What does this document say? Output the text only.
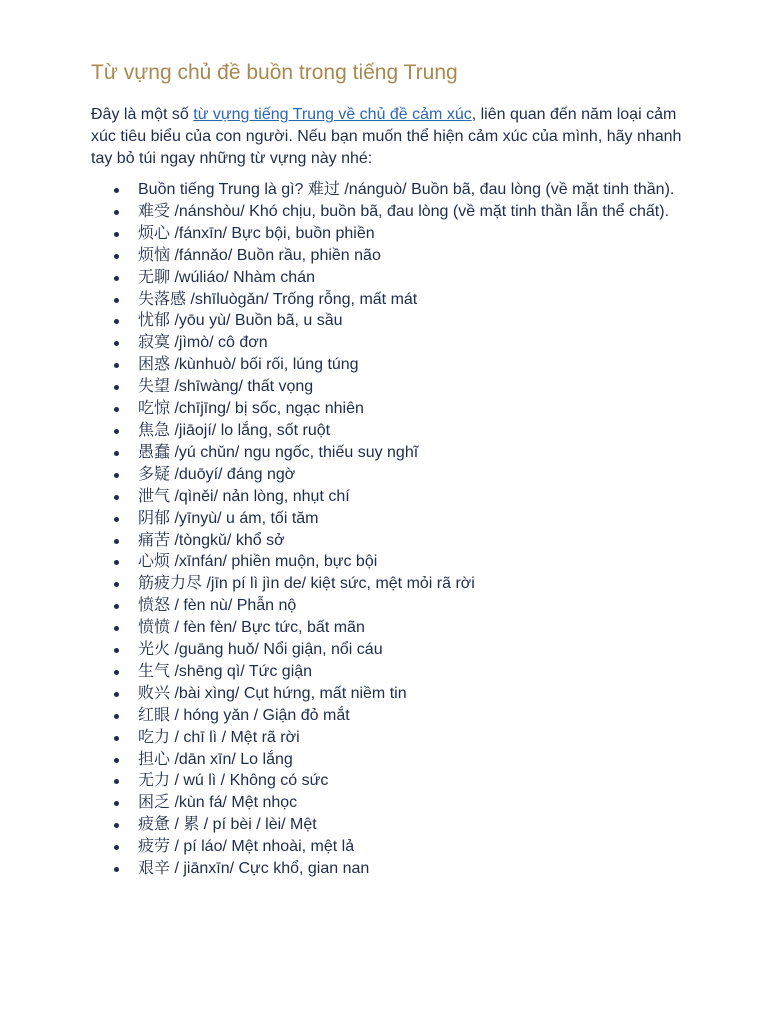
Từ vựng chủ đề buồn trong tiếng Trung

Đây là một số từ vựng tiếng Trung về chủ đề cảm xúc, liên quan đến năm loại cảm xúc tiêu biểu của con người. Nếu bạn muốn thể hiện cảm xúc của mình, hãy nhanh tay bỏ túi ngay những từ vựng này nhé:

Buồn tiếng Trung là gì? 难过 /nánguò/ Buồn bã, đau lòng (về mặt tinh thần).
难受 /nánshòu/ Khó chịu, buồn bã, đau lòng (về mặt tinh thần lẫn thể chất).
烦心 /fánxīn/ Bực bội, buồn phiền
烦恼 /fánnǎo/ Buồn rầu, phiền não
无聊 /wúliáo/ Nhàm chán
失落感 /shīluògǎn/ Trống rỗng, mất mát
忧郁 /yōu yù/ Buồn bã, u sầu
寂寞 /jìmò/ cô đơn
困惑 /kùnhuò/ bối rối, lúng túng
失望 /shīwàng/ thất vọng
吃惊 /chījīng/ bị sốc, ngạc nhiên
焦急 /jiāojí/ lo lắng, sốt ruột
愚蠢 /yú chǔn/ ngu ngốc, thiếu suy nghĩ
多疑 /duōyí/ đáng ngờ
泄气 /qìněi/ nản lòng, nhụt chí
阴郁 /yīnyù/ u ám, tối tăm
痛苦 /tòngkǔ/ khổ sở
心烦 /xīnfán/ phiền muộn, bực bội
筋疲力尽 /jīn pí lì jìn de/ kiệt sức, mệt mỏi rã rời
愤怒 / fèn nù/ Phẫn nộ
愤愤 / fèn fèn/ Bực tức, bất mãn
光火 /guāng huǒ/ Nổi giận, nổi cáu
生气 /shēng qì/ Tức giận
败兴 /bài xìng/ Cụt hứng, mất niềm tin
红眼 / hóng yǎn / Giận đỏ mắt
吃力 / chī lì / Mệt rã rời
担心 /dān xīn/ Lo lắng
无力 / wú lì / Không có sức
困乏 /kùn fá/ Mệt nhọc
疲惫 / 累 / pí bèi / lèi/ Mệt
疲劳 / pí láo/ Mệt nhoài, mệt lả
艰辛 / jiānxīn/ Cực khổ, gian nan
